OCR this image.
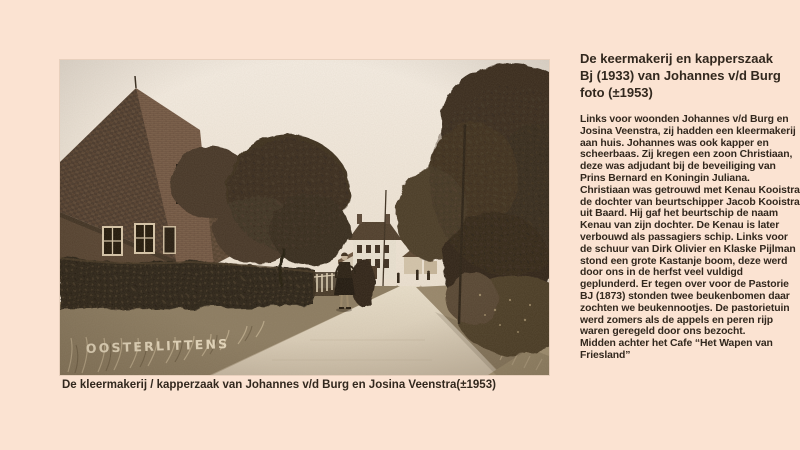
De kleermakerij / kapperzaak van Johannes v/d Burg en Josina Veenstra(±1953)
De keermakerij en kapperszaak
Bj (1933) van Johannes v/d Burg
foto (±1953)

Links voor woonden Johannes v/d Burg en Josina Veenstra, zij hadden een kleermakerij aan huis. Johannes was ook kapper en scheerbaas. Zij kregen een zoon Christiaan, deze was adjudant bij de beveiliging van Prins Bernard en Koningin Juliana. Christiaan was getrouwd met Kenau Kooistra de dochter van beurtschipper Jacob Kooistra uit Baard. Hij gaf het beurtschip de naam Kenau van zijn dochter. De Kenau is later verbouwd als passagiers schip. Links voor de schuur van Dirk Olivier en Klaske Pijlman stond een grote Kastanje boom, deze werd door ons in de herfst veel vuldigd geplunderd. Er tegen over voor de Pastorie BJ (1873) stonden twee beukenbomen daar zochten we beukennootjes. De pastorietuin werd zomers als de appels en peren rijp waren geregeld door ons bezocht.

Midden achter het Cafe “Het Wapen van Friesland”
